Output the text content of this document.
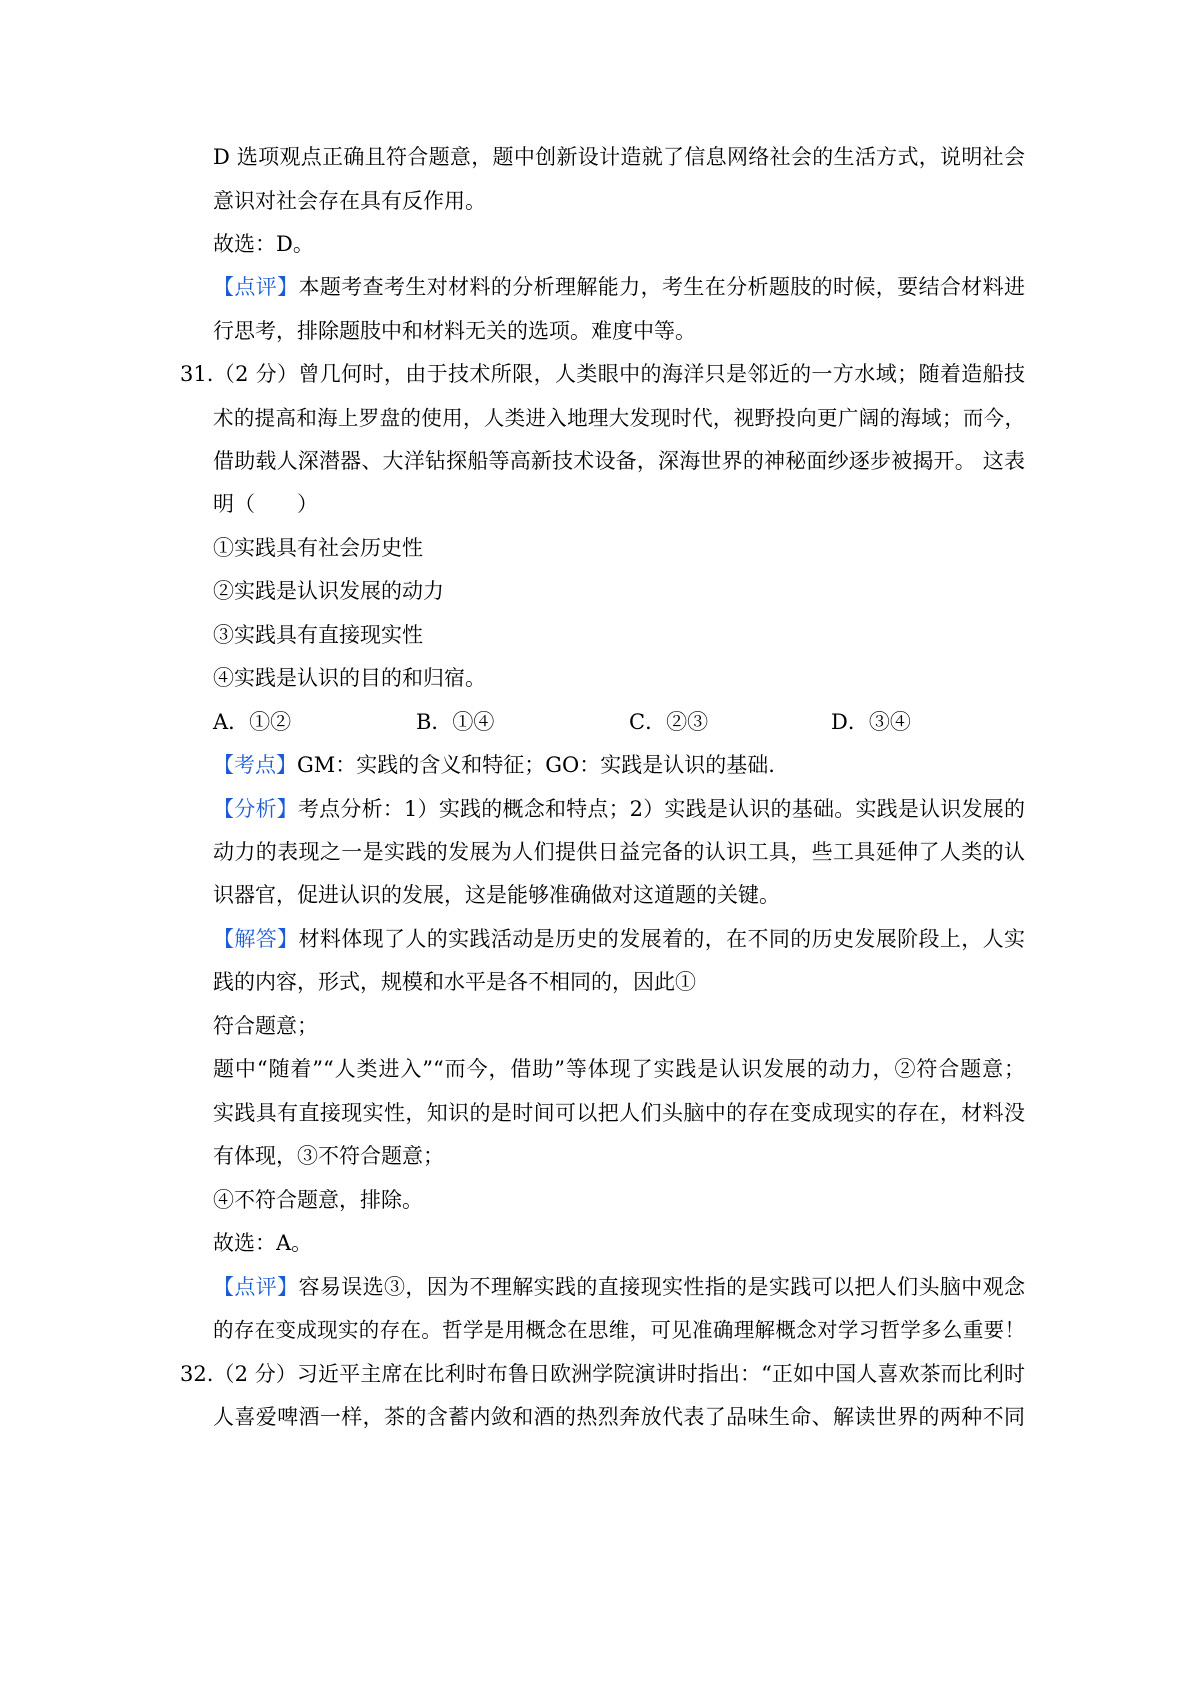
D 选项观点正确且符合题意，题中创新设计造就了信息网络社会的生活方式，说明社会
意识对社会存在具有反作用。
故选：D。
【点评】本题考查考生对材料的分析理解能力，考生在分析题肢的时候，要结合材料进
行思考，排除题肢中和材料无关的选项。难度中等。
31.（2 分）曾几何时，由于技术所限，人类眼中的海洋只是邻近的一方水域；随着造船技
术的提高和海上罗盘的使用，人类进入地理大发现时代，视野投向更广阔的海域；而今，
借助载人深潜器、大洋钻探船等高新技术设备，深海世界的神秘面纱逐步被揭开。 这表
明（　　）
①实践具有社会历史性
②实践是认识发展的动力
③实践具有直接现实性
④实践是认识的目的和归宿。
A．①②	B．①④	C．②③	D．③④
【考点】GM：实践的含义和特征；GO：实践是认识的基础.
【分析】考点分析：1）实践的概念和特点；2）实践是认识的基础。实践是认识发展的
动力的表现之一是实践的发展为人们提供日益完备的认识工具，些工具延伸了人类的认
识器官，促进认识的发展，这是能够准确做对这道题的关键。
【解答】材料体现了人的实践活动是历史的发展着的，在不同的历史发展阶段上，人实
践的内容，形式，规模和水平是各不相同的，因此①
符合题意；
题中“随着”“人类进入”“而今，借助”等体现了实践是认识发展的动力，②符合题意；
实践具有直接现实性，知识的是时间可以把人们头脑中的存在变成现实的存在，材料没
有体现，③不符合题意；
④不符合题意，排除。
故选：A。
【点评】容易误选③，因为不理解实践的直接现实性指的是实践可以把人们头脑中观念
的存在变成现实的存在。哲学是用概念在思维，可见准确理解概念对学习哲学多么重要！
32.（2 分）习近平主席在比利时布鲁日欧洲学院演讲时指出：“正如中国人喜欢茶而比利时
人喜爱啤酒一样，茶的含蓄内敛和酒的热烈奔放代表了品味生命、解读世界的两种不同
